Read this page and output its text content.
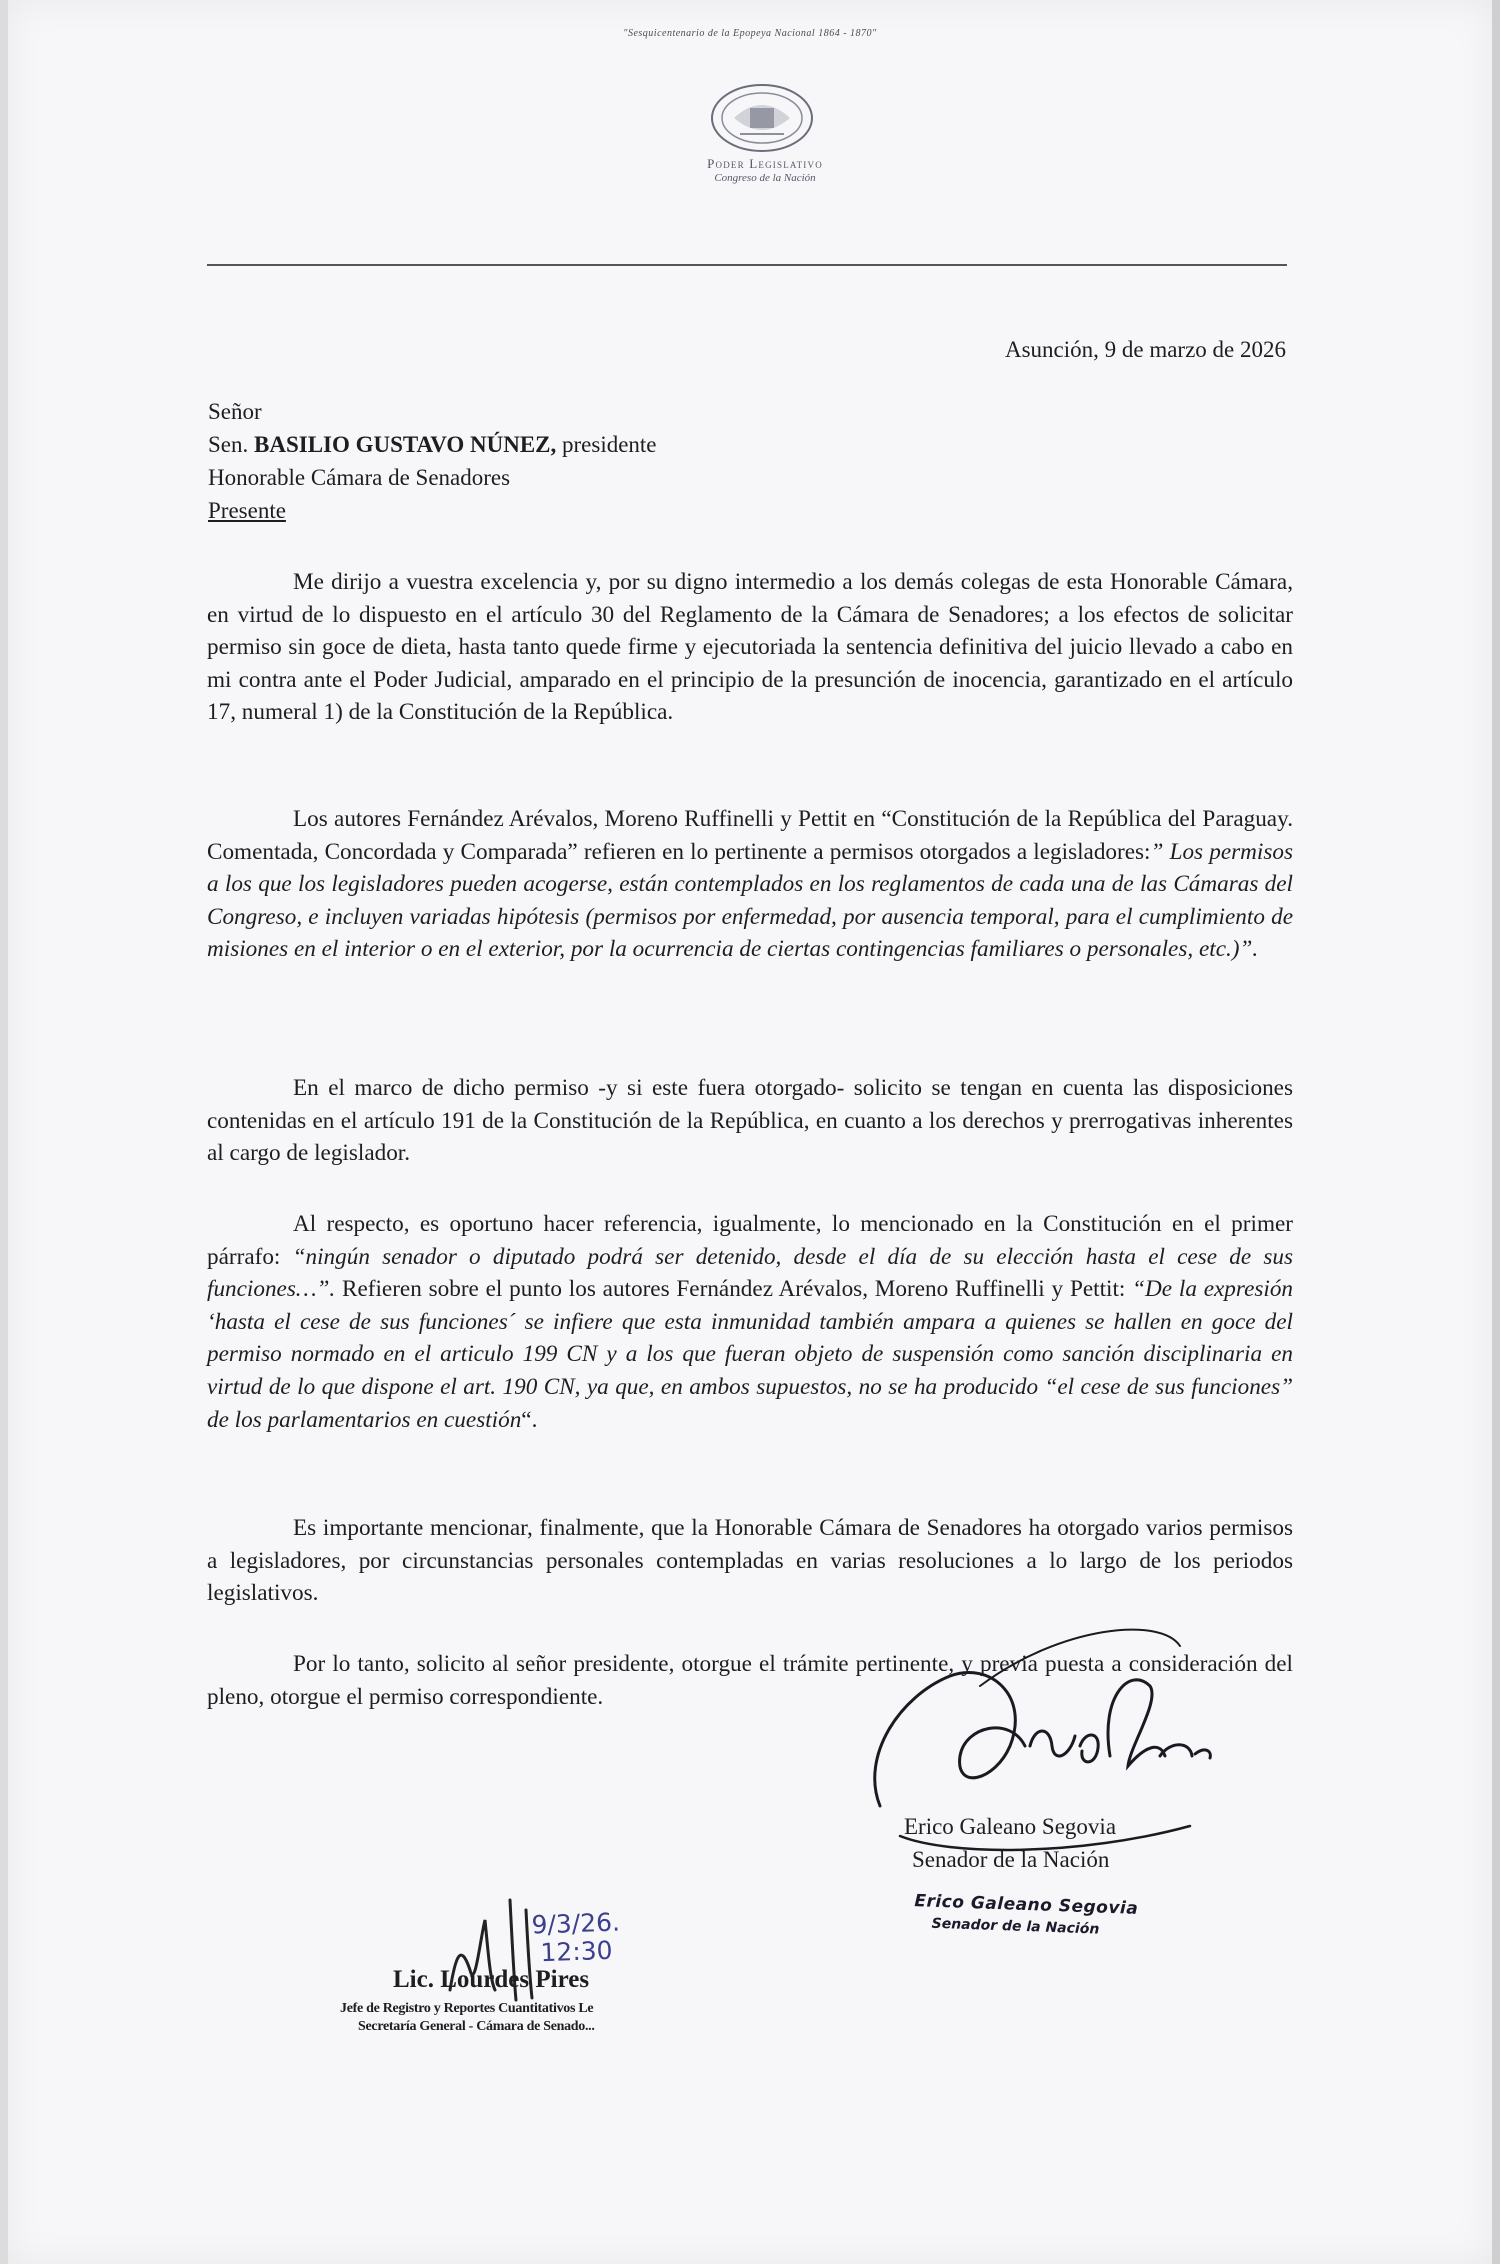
"Sesquicentenario de la Epopeya Nacional 1864 - 1870"
Poder Legislativo
Congreso de la Nación
Asunción, 9 de marzo de 2026
Señor
Sen. BASILIO GUSTAVO NÚNEZ, presidente
Honorable Cámara de Senadores
Presente
Me dirijo a vuestra excelencia y, por su digno intermedio a los demás colegas de esta Honorable Cámara, en virtud de lo dispuesto en el artículo 30 del Reglamento de la Cámara de Senadores; a los efectos de solicitar permiso sin goce de dieta, hasta tanto quede firme y ejecutoriada la sentencia definitiva del juicio llevado a cabo en mi contra ante el Poder Judicial, amparado en el principio de la presunción de inocencia, garantizado en el artículo 17, numeral 1) de la Constitución de la República.
Los autores Fernández Arévalos, Moreno Ruffinelli y Pettit en “Constitución de la República del Paraguay. Comentada, Concordada y Comparada” refieren en lo pertinente a permisos otorgados a legisladores:” Los permisos a los que los legisladores pueden acogerse, están contemplados en los reglamentos de cada una de las Cámaras del Congreso, e incluyen variadas hipótesis (permisos por enfermedad, por ausencia temporal, para el cumplimiento de misiones en el interior o en el exterior, por la ocurrencia de ciertas contingencias familiares o personales, etc.)”.
En el marco de dicho permiso -y si este fuera otorgado- solicito se tengan en cuenta las disposiciones contenidas en el artículo 191 de la Constitución de la República, en cuanto a los derechos y prerrogativas inherentes al cargo de legislador.
Al respecto, es oportuno hacer referencia, igualmente, lo mencionado en la Constitución en el primer párrafo: “ningún senador o diputado podrá ser detenido, desde el día de su elección hasta el cese de sus funciones…”. Refieren sobre el punto los autores Fernández Arévalos, Moreno Ruffinelli y Pettit: “De la expresión ‘hasta el cese de sus funciones´ se infiere que esta inmunidad también ampara a quienes se hallen en goce del permiso normado en el articulo 199 CN y a los que fueran objeto de suspensión como sanción disciplinaria en virtud de lo que dispone el art. 190 CN, ya que, en ambos supuestos, no se ha producido “el cese de sus funciones” de los parlamentarios en cuestión“.
Es importante mencionar, finalmente, que la Honorable Cámara de Senadores ha otorgado varios permisos a legisladores, por circunstancias personales contempladas en varias resoluciones a lo largo de los periodos legislativos.
Por lo tanto, solicito al señor presidente, otorgue el trámite pertinente, y previa puesta a consideración del pleno, otorgue el permiso correspondiente.
Erico Galeano Segovia
Senador de la Nación
Erico Galeano Segovia
Senador de la Nación
9/3/26.
12:30
Lic. Lourdes Pires
Jefe de Registro y Reportes Cuantitativos Le
Secretaría General - Cámara de Senado...
